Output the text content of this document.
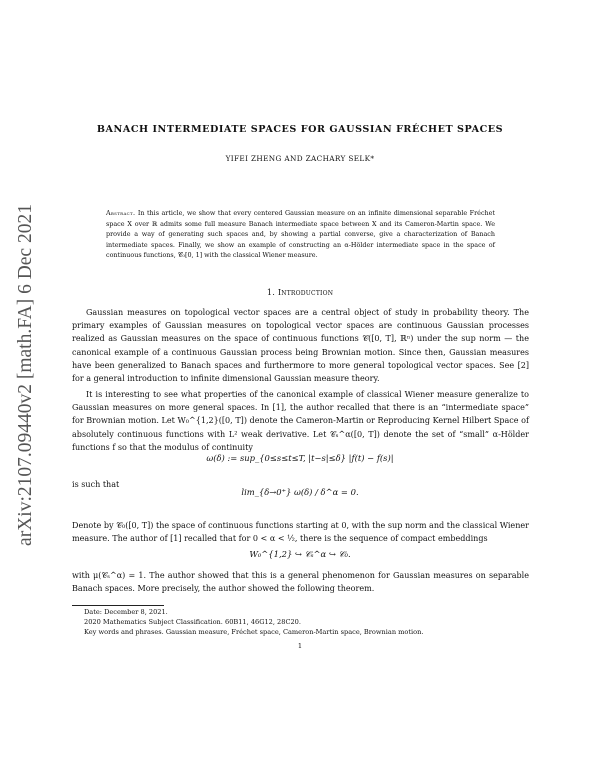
arXiv:2107.09440v2 [math.FA] 6 Dec 2021
BANACH INTERMEDIATE SPACES FOR GAUSSIAN FRÉCHET SPACES
YIFEI ZHENG AND ZACHARY SELK*
Abstract. In this article, we show that every centered Gaussian measure on an infinite dimensional separable Fréchet space X over ℝ admits some full measure Banach intermediate space between X and its Cameron-Martin space. We provide a way of generating such spaces and, by showing a partial converse, give a characterization of Banach intermediate spaces. Finally, we show an example of constructing an α-Hölder intermediate space in the space of continuous functions, 𝒞₀[0, 1] with the classical Wiener measure.
1. Introduction

Gaussian measures on topological vector spaces are a central object of study in probability theory. The primary examples of Gaussian measures on topological vector spaces are continuous Gaussian processes realized as Gaussian measures on the space of continuous functions 𝒞([0, T], ℝⁿ) under the sup norm — the canonical example of a continuous Gaussian process being Brownian motion. Since then, Gaussian measures have been generalized to Banach spaces and furthermore to more general topological vector spaces. See [2] for a general introduction to infinite dimensional Gaussian measure theory.

It is interesting to see what properties of the canonical example of classical Wiener measure generalize to Gaussian measures on more general spaces. In [1], the author recalled that there is an “intermediate space” for Brownian motion. Let W₀^{1,2}([0, T]) denote the Cameron-Martin or Reproducing Kernel Hilbert Space of absolutely continuous functions with L² weak derivative. Let 𝒞ₛ^α([0, T]) denote the set of “small” α-Hölder functions f so that the modulus of continuity

ω(δ) := sup_{0≤s≤t≤T, |t−s|≤δ} |f(t) − f(s)|

is such that

lim_{δ→0⁺} ω(δ) / δ^α = 0.

Denote by 𝒞₀([0, T]) the space of continuous functions starting at 0, with the sup norm and the classical Wiener measure. The author of [1] recalled that for 0 < α < ½, there is the sequence of compact embeddings

W₀^{1,2} ↪ 𝒞ₛ^α ↪ 𝒞₀.

with μ(𝒞ₛ^α) = 1. The author showed that this is a general phenomenon for Gaussian measures on separable Banach spaces. More precisely, the author showed the following theorem.

Date: December 8, 2021.
2020 Mathematics Subject Classification. 60B11, 46G12, 28C20.
Key words and phrases. Gaussian measure, Fréchet space, Cameron-Martin space, Brownian motion.
1
